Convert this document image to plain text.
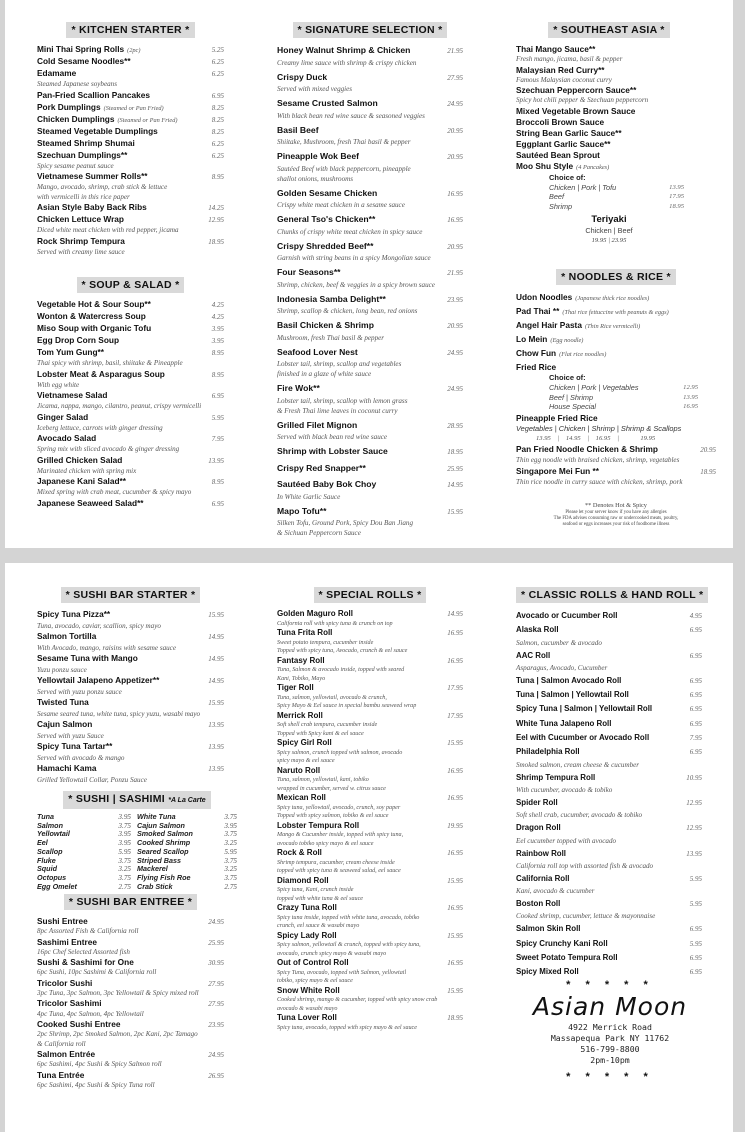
* KITCHEN STARTER *
Mini Thai Spring Rolls (2pc)	5.25
Cold Sesame Noodles**	6.25
Edamame	6.25
Steamed Japanese soybeans
Pan-Fried Scallion Pancakes	6.95
Pork Dumplings (Steamed or Pan Fried)	8.25
Chicken Dumplings (Steamed or Pan Fried)	8.25
Steamed Vegetable Dumplings	8.25
Steamed Shrimp Shumai	6.25
Szechuan Dumplings**	6.25
Spicy sesame peanut sauce
Vietnamese Summer Rolls**	8.95
Mango, avocado, shrimp, crab stick & lettuce
with vermicelli in this rice paper
Asian Style Baby Back Ribs	14.25
Chicken Lettuce Wrap	12.95
Diced white meat chicken with red pepper, jicama
Rock Shrimp Tempura	18.95
Served with creamy lime sauce
* SOUP & SALAD *
Vegetable Hot & Sour Soup**	4.25
Wonton & Watercress Soup	4.25
Miso Soup with Organic Tofu	3.95
Egg Drop Corn Soup	3.95
Tom Yum Gung**	8.95
Thai spicy with shrimp, basil, shiitake & Pineapple
Lobster Meat & Asparagus Soup	8.95
With egg white
Vietnamese Salad	6.95
Jicama, nappa, mango, cilantro, peanut, crispy vermicelli
Ginger Salad	5.95
Iceberg lettuce, carrots with ginger dressing
Avocado Salad	7.95
Spring mix with sliced avocado & ginger dressing
Grilled Chicken Salad	13.95
Marinated chicken with spring mix
Japanese Kani Salad**	8.95
Mixed spring with crab meat, cucumber & spicy mayo
Japanese Seaweed Salad**	6.95
* SIGNATURE SELECTION *
Honey Walnut Shrimp & Chicken	21.95
Creamy lime sauce with shrimp & crispy chicken
Crispy Duck	27.95
Served with mixed veggies
Sesame Crusted Salmon	24.95
With black bean red wine sauce & seasoned veggies
Basil Beef	20.95
Shiitake, Mushroom, fresh Thai basil & pepper
Pineapple Wok Beef	20.95
Sautéed Beef with black peppercorn, pineapple
shallot onions, mushrooms
Golden Sesame Chicken	16.95
Crispy white meat chicken in a sesame sauce
General Tso's Chicken**	16.95
Chunks of crispy white meat chicken in spicy sauce
Crispy Shredded Beef**	20.95
Garnish with string beans in a spicy Mongolian sauce
Four Seasons**	21.95
Shrimp, chicken, beef & veggies in a spicy brown sauce
Indonesia Samba Delight**	23.95
Shrimp, scallop & chicken, long bean, red onions
Basil Chicken & Shrimp	20.95
Mushroom, fresh Thai basil & pepper
Seafood Lover Nest	24.95
Lobster tail, shrimp, scallop and vegetables
finished in a glaze of white sauce
Fire Wok**	24.95
Lobster tail, shrimp, scallop with lemon grass
& Fresh Thai lime leaves in coconut curry
Grilled Filet Mignon	28.95
Served with black bean red wine sauce
Shrimp with Lobster Sauce	18.95
Crispy Red Snapper**	25.95
Sautéed Baby Bok Choy	14.95
In White Garlic Sauce
Mapo Tofu**	15.95
Silken Tofu, Ground Pork, Spicy Dou Ban Jiang
& Sichuan Peppercorn Sauce
* SOUTHEAST ASIA *
Thai Mango Sauce**
Fresh mango, jicama, basil & pepper
Malaysian Red Curry**
Famous Malaysian coconut curry
Szechuan Peppercorn Sauce**
Spicy hot chili pepper & Szechuan peppercorn
Mixed Vegetable Brown Sauce
Broccoli Brown Sauce
String Bean Garlic Sauce**
Eggplant Garlic Sauce**
Sautéed Bean Sprout
Moo Shu Style (4 Pancakes)
Choice of:
Chicken | Pork | Tofu	13.95
Beef	17.95
Shrimp	18.95
Teriyaki
Chicken | Beef
19.95 | 23.95
* NOODLES & RICE *
Udon Noodles (Japanese thick rice noodles)
Pad Thai ** (Thai rice fettuccine with peanuts & eggs)
Angel Hair Pasta (Thin Rice vermicelli)
Lo Mein (Egg noodle)
Chow Fun (Flat rice noodles)
Fried Rice
Choice of:
Chicken | Pork | Vegetables	12.95
Beef | Shrimp	13.95
House Special	16.95
Pineapple Fried Rice
Vegetables | Chicken | Shrimp | Shrimp & Scallops
13.95    |    14.95    |    16.95    |             19.95
Pan Fried Noodle Chicken & Shrimp	20.95
Thin egg noodle with braised chicken, shrimp, vegetables
Singapore Mei Fun **	18.95
Thin rice noodle in curry sauce with chicken, shrimp, pork
** Denotes Hot & Spicy
Please let your server know if you have any allergies
The FDA advises consuming raw or undercooked meats, poultry,
seafood or eggs increases your risk of foodborne illness
* SUSHI BAR STARTER *
Spicy Tuna Pizza**	15.95
Tuna, avocado, caviar, scallion, spicy mayo
Salmon Tortilla	14.95
With Avocado, mango, raisins with sesame sauce
Sesame Tuna with Mango	14.95
Yuzu ponzu sauce
Yellowtail Jalapeno Appetizer**	14.95
Served with yuzu ponzu sauce
Twisted Tuna	15.95
Sesame seared tuna, white tuna, spicy yuzu, wasabi mayo
Cajun Salmon	13.95
Served with yuzu Sauce
Spicy Tuna Tartar**	13.95
Served with avocado & mango
Hamachi Kama	13.95
Grilled Yellowtail Collar, Ponzu Sauce
* SUSHI | SASHIMI *A La Carte
Tuna	3.95 White Tuna	3.75
Salmon	3.75 Cajun Salmon	3.95
Yellowtail	3.95 Smoked Salmon	3.75
Eel	3.95 Cooked Shrimp	3.25
Scallop	5.95 Seared Scallop	5.95
Fluke	3.75 Striped Bass	3.75
Squid	3.25 Mackerel	3.25
Octopus	3.75 Flying Fish Roe	3.75
Egg Omelet	2.75 Crab Stick	2.75
* SUSHI BAR ENTREE *
Sushi Entree	24.95
8pc Assorted Fish & California roll
Sashimi Entree	25.95
16pc Chef Selected Assorted fish
Sushi & Sashimi for One	30.95
6pc Sushi, 10pc Sashimi & California roll
Tricolor Sushi	27.95
3pc Tuna, 3pc Salmon, 3pc Yellowtail & Spicy mixed roll
Tricolor Sashimi	27.95
4pc Tuna, 4pc Salmon, 4pc Yellowtail
Cooked Sushi Entree	23.95
2pc Shrimp, 2pc Smoked Salmon, 2pc Kani, 2pc Tamago
& California roll
Salmon Entrée	24.95
6pc Sashimi, 4pc Sushi & Spicy Salmon roll
Tuna Entrée	26.95
6pc Sashimi, 4pc Sushi & Spicy Tuna roll
* SPECIAL ROLLS *
Golden Maguro Roll	14.95
California roll with spicy tuna & crunch on top
Tuna Frita Roll	16.95
Sweet potato tempura, cucumber inside
Topped with spicy tuna, Avocado, crunch & eel sauce
Fantasy Roll	16.95
Tuna, Salmon & avocado inside, topped with seared
Kani, Tobiko, Mayo
Tiger Roll	17.95
Tuna, salmon, yellowtail, avocado & crunch,
Spicy Mayo & Eel sauce in special bambu seaweed wrap
Merrick Roll	17.95
Soft shell crab tempura, cucumber inside
Topped with Spicy kani & eel sauce
Spicy Girl Roll	15.95
Spicy salmon, crunch topped with salmon, avocado
spicy mayo & eel sauce
Naruto Roll	16.95
Tuna, salmon, yellowtail, kani, tobiko
wrapped in cucumber, served w. citrus sauce
Mexican Roll	16.95
Spicy tuna, yellowtail, avocado, crunch, soy paper
Topped with spicy salmon, tobiko & eel sauce
Lobster Tempura Roll	19.95
Mango & Cucumber inside, topped with spicy tuna,
avocado tobiko spicy mayo & eel sauce
Rock & Roll	16.95
Shrimp tempura, cucumber, cream cheese inside
topped with spicy tuna & seaweed salad, eel sauce
Diamond Roll	15.95
Spicy tuna, Kani, crunch inside
topped with white tuna & eel sauce
Crazy Tuna Roll	16.95
Spicy tuna inside, topped with white tuna, avocado, tobiko
crunch, eel sauce & wasabi mayo
Spicy Lady Roll	15.95
Spicy salmon, yellowtail & crunch, topped with spicy tuna,
avocado, crunch spicy mayo & wasabi mayo
Out of Control Roll	16.95
Spicy Tuna, avocado, topped with Salmon, yellowtail
tobiko, spicy mayo & eel sauce
Snow White Roll	15.95
Cooked shrimp, mango & cucumber, topped with spicy snow crab
avocado & wasabi mayo
Tuna Lover Roll	18.95
Spicy tuna, avocado, topped with spicy mayo & eel sauce
* CLASSIC ROLLS & HAND ROLL *
Avocado or Cucumber Roll	4.95
Alaska Roll	6.95
Salmon, cucumber & avocado
AAC Roll	6.95
Asparagus, Avocado, Cucumber
Tuna | Salmon Avocado Roll	6.95
Tuna | Salmon | Yellowtail Roll	6.95
Spicy Tuna | Salmon | Yellowtail Roll	6.95
White Tuna Jalapeno Roll	6.95
Eel with Cucumber or Avocado Roll	7.95
Philadelphia Roll	6.95
Smoked salmon, cream cheese & cucumber
Shrimp Tempura Roll	10.95
With cucumber, avocado & tobiko
Spider Roll	12.95
Soft shell crab, cucumber, avocado & tobiko
Dragon Roll	12.95
Eel cucumber topped with avocado
Rainbow Roll	13.95
California roll top with assorted fish & avocado
California Roll	5.95
Kani, avocado & cucumber
Boston Roll	5.95
Cooked shrimp, cucumber, lettuce & mayonnaise
Salmon Skin Roll	6.95
Spicy Crunchy Kani Roll	5.95
Sweet Potato Tempura Roll	6.95
Spicy Mixed Roll	6.95
* * * * *
Asian Moon
4922 Merrick Road
Massapequa Park NY 11762
516-799-8800
2pm-10pm
* * * * *
